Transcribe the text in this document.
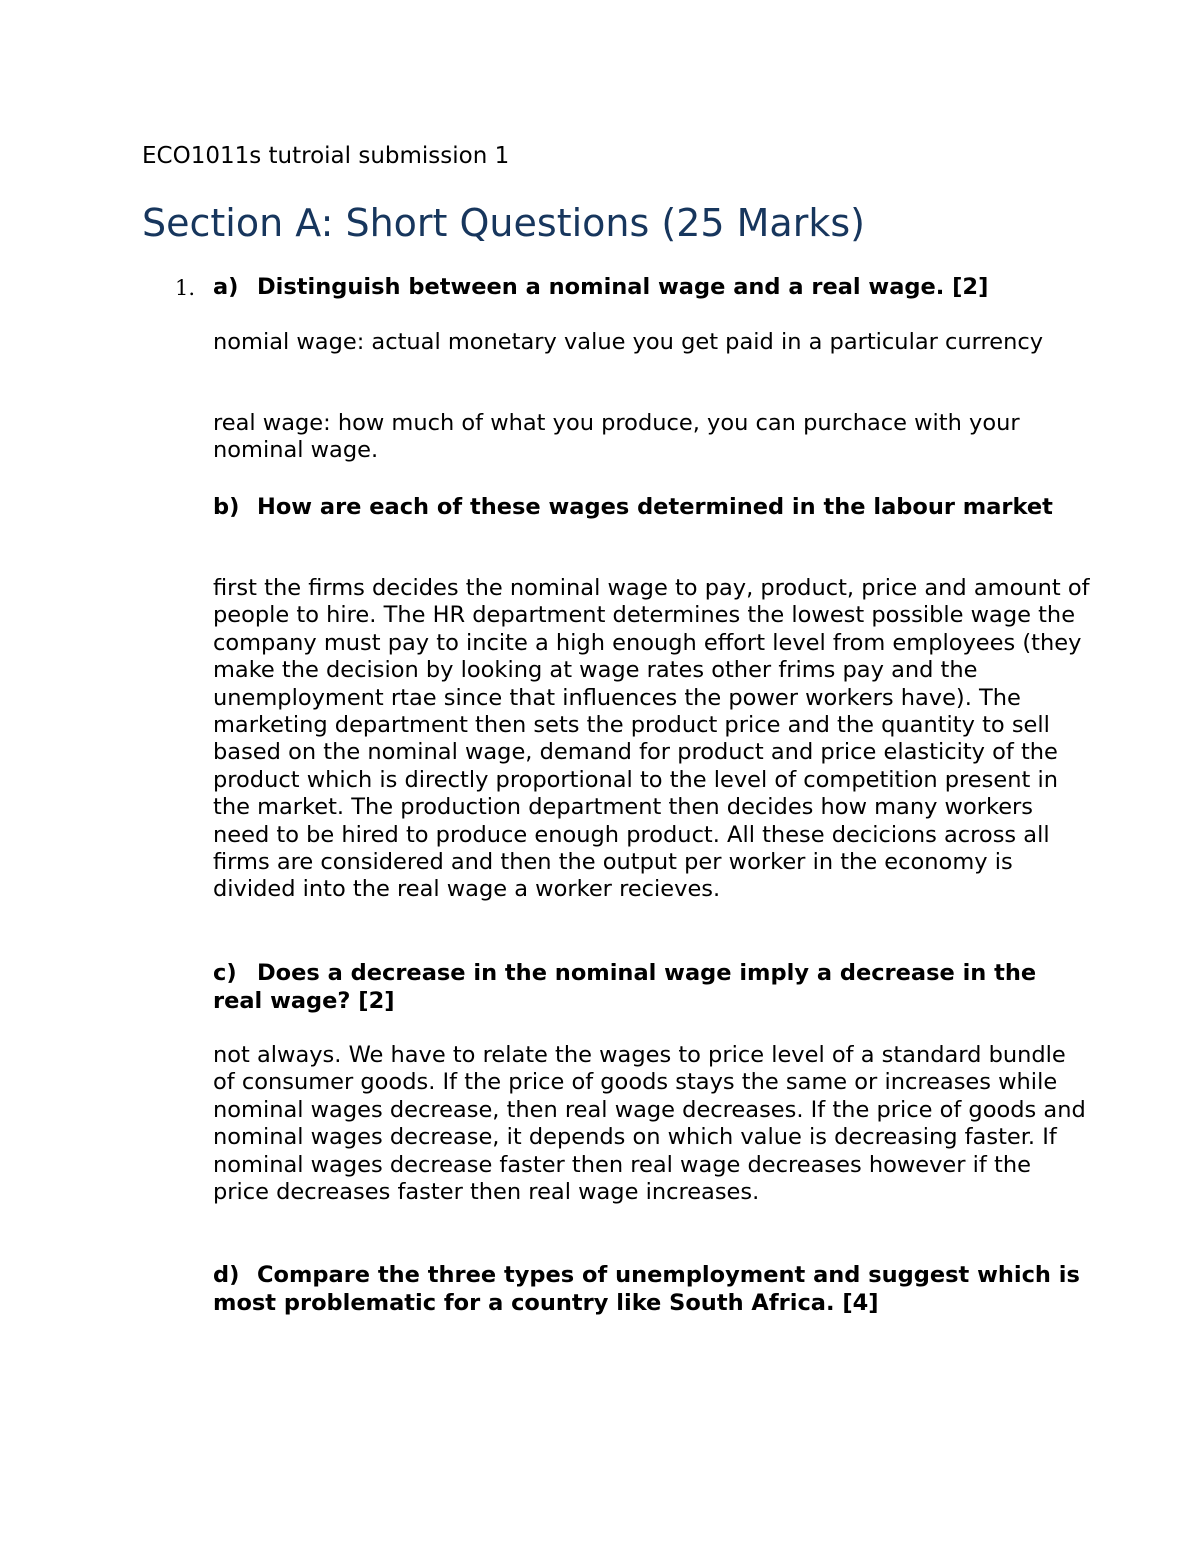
ECO1011s tutroial submission 1
Section A: Short Questions (25 Marks)
1. a) Distinguish between a nominal wage and a real wage. [2]

nomial wage: actual monetary value you get paid in a particular currency

real wage: how much of what you produce, you can purchace with your nominal wage.

b) How are each of these wages determined in the labour market

first the firms decides the nominal wage to pay, product, price and amount of people to hire. The HR department determines the lowest possible wage the company must pay to incite a high enough effort level from employees (they make the decision by looking at wage rates other frims pay and the unemployment rtae since that influences the power workers have). The marketing department then sets the product price and the quantity to sell based on the nominal wage, demand for product and price elasticity of the product which is directly proportional to the level of competition present in the market. The production department then decides how many workers need to be hired to produce enough product. All these decicions across all firms are considered and then the output per worker in the economy is divided into the real wage a worker recieves.

c) Does a decrease in the nominal wage imply a decrease in the real wage? [2]

not always. We have to relate the wages to price level of a standard bundle of consumer goods. If the price of goods stays the same or increases while nominal wages decrease, then real wage decreases. If the price of goods and nominal wages decrease, it depends on which value is decreasing faster. If nominal wages decrease faster then real wage decreases however if the price decreases faster then real wage increases.

d) Compare the three types of unemployment and suggest which is most problematic for a country like South Africa. [4]
